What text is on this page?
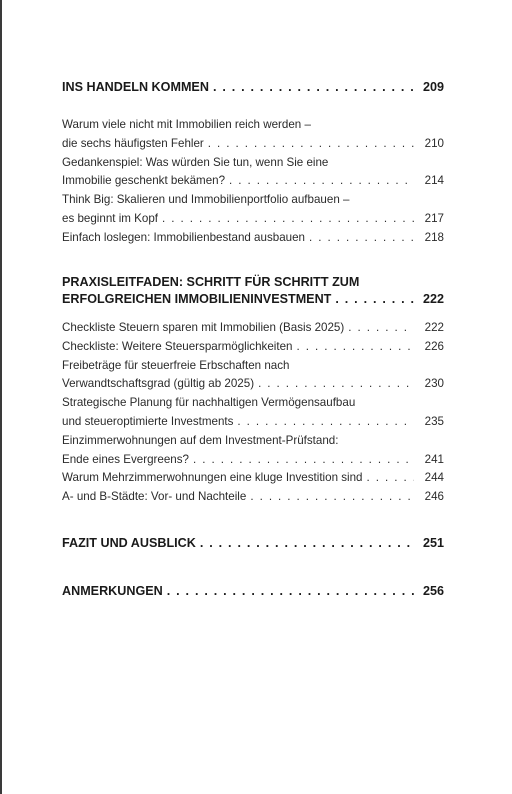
INS HANDELN KOMMEN . . .	209
Warum viele nicht mit Immobilien reich werden –
die sechs häufigsten Fehler . . .	210
Gedankenspiel: Was würden Sie tun, wenn Sie eine
Immobilie geschenkt bekämen? . . .	214
Think Big: Skalieren und Immobilienportfolio aufbauen –
es beginnt im Kopf . . .	217
Einfach loslegen: Immobilienbestand ausbauen . . .	218
PRAXISLEITFADEN: SCHRITT FÜR SCHRITT ZUM
ERFOLGREICHEN IMMOBILIENINVESTMENT . . .	222
Checkliste Steuern sparen mit Immobilien (Basis 2025) . . .	222
Checkliste: Weitere Steuersparmöglichkeiten . . .	226
Freibeträge für steuerfreie Erbschaften nach
Verwandtschaftsgrad (gültig ab 2025) . . .	230
Strategische Planung für nachhaltigen Vermögensaufbau
und steueroptimierte Investments . . .	235
Einzimmerwohnungen auf dem Investment-Prüfstand:
Ende eines Evergreens? . . .	241
Warum Mehrzimmerwohnungen eine kluge Investition sind . . .	244
A- und B-Städte: Vor- und Nachteile . . .	246
FAZIT UND AUSBLICK . . .	251
ANMERKUNGEN . . .	256
